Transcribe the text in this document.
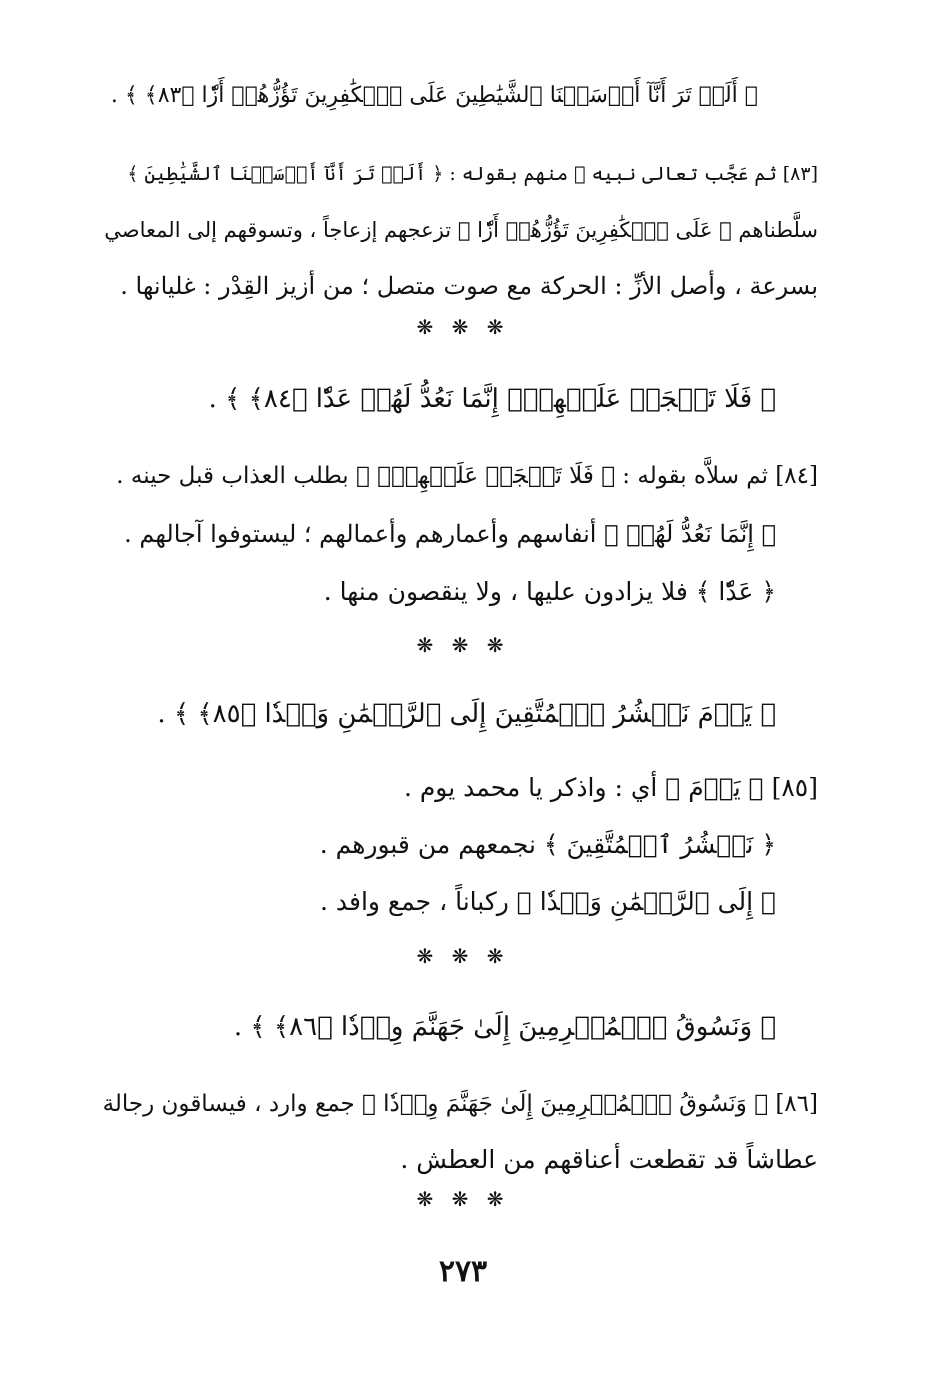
﴿ أَلَمۡ تَرَ أَنَّآ أَرۡسَلۡنَا ٱلشَّيَٰطِينَ عَلَى ٱلۡكَٰفِرِينَ تَؤُزُّهُمۡ أَزّٗا ﴿٨٣﴾ ﴾ .
[٨٣] ثم عَجَّب تعالى نبيه ﷺ منهم بقوله : ﴿ أَلَمۡ تَرَ أَنَّآ أَرۡسَلۡنَا ٱلشَّيَٰطِينَ ﴾
سلَّطناهم ﴿ عَلَى ٱلۡكَٰفِرِينَ تَؤُزُّهُمۡ أَزّٗا ﴾ تزعجهم إزعاجاً ، وتسوقهم إلى المعاصي
بسرعة ، وأصل الأزِّ : الحركة مع صوت متصل ؛ من أزيز القِدْر : غليانها .
❋ ❋ ❋
﴿ فَلَا تَعۡجَلۡ عَلَيۡهِمۡۖ إِنَّمَا نَعُدُّ لَهُمۡ عَدّٗا ﴿٨٤﴾ ﴾ .
[٨٤] ثم سلاَّه بقوله : ﴿ فَلَا تَعۡجَلۡ عَلَيۡهِمۡۖ ﴾ بطلب العذاب قبل حينه .
﴿ إِنَّمَا نَعُدُّ لَهُمۡ ﴾ أنفاسهم وأعمارهم وأعمالهم ؛ ليستوفوا آجالهم .
﴿ عَدّٗا ﴾ فلا يزادون عليها ، ولا ينقصون منها .
❋ ❋ ❋
﴿ يَوۡمَ نَحۡشُرُ ٱلۡمُتَّقِينَ إِلَى ٱلرَّحۡمَٰنِ وَفۡدٗا ﴿٨٥﴾ ﴾ .
[٨٥] ﴿ يَوۡمَ ﴾ أي : واذكر يا محمد يوم .
﴿ نَحۡشُرُ ٱلۡمُتَّقِينَ ﴾ نجمعهم من قبورهم .
﴿ إِلَى ٱلرَّحۡمَٰنِ وَفۡدٗا ﴾ ركباناً ، جمع وافد .
❋ ❋ ❋
﴿ وَنَسُوقُ ٱلۡمُجۡرِمِينَ إِلَىٰ جَهَنَّمَ وِرۡدٗا ﴿٨٦﴾ ﴾ .
[٨٦] ﴿ وَنَسُوقُ ٱلۡمُجۡرِمِينَ إِلَىٰ جَهَنَّمَ وِرۡدٗا ﴾ جمع وارد ، فيساقون رجالة
عطاشاً قد تقطعت أعناقهم من العطش .
❋ ❋ ❋
٢٧٣
